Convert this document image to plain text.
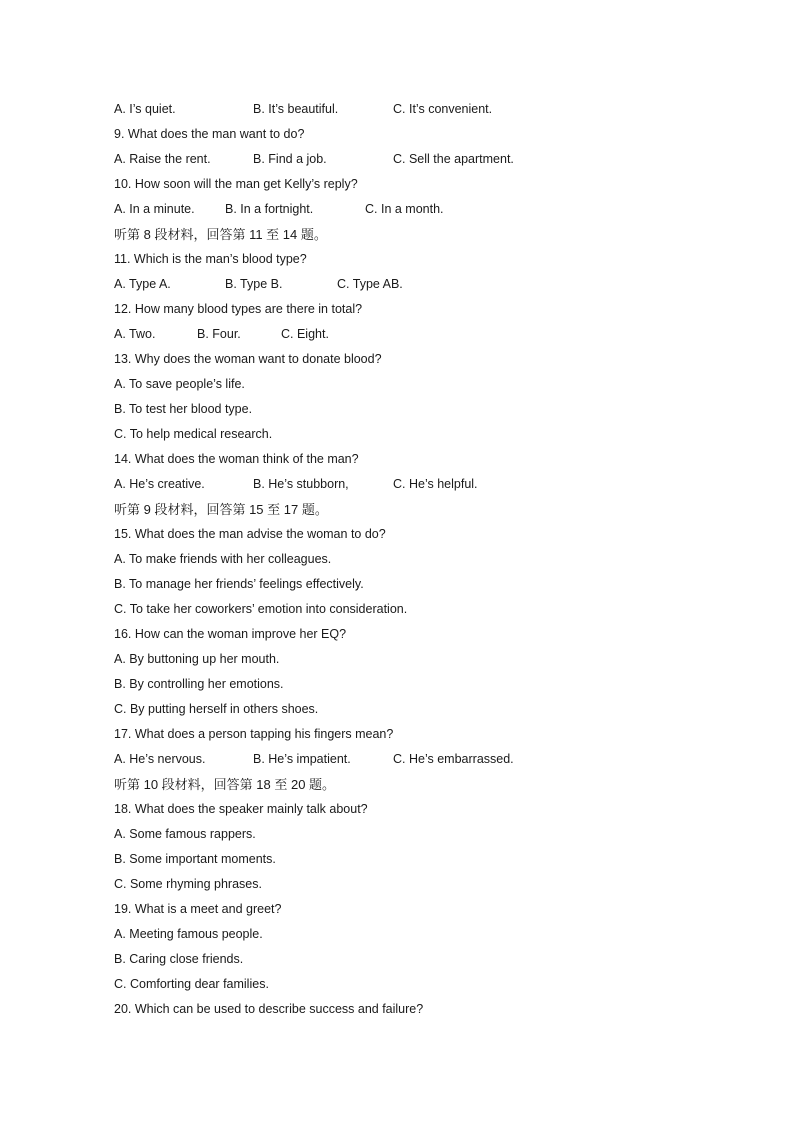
A. I’s quiet.	B. It’s beautiful.	C. It’s convenient.
9. What does the man want to do?
A. Raise the rent.	B. Find a job.	C. Sell the apartment.
10. How soon will the man get Kelly’s reply?
A. In a minute. B. In a fortnight.	C. In a month.
听第 8 段材料，回答第 11 至 14 题。
11. Which is the man’s blood type?
A. Type A.	B. Type B.	C. Type AB.
12. How many blood types are there in total?
A. Two.	B. Four.	C. Eight.
13. Why does the woman want to donate blood?
A. To save people’s life.
B. To test her blood type.
C. To help medical research.
14. What does the woman think of the man?
A. He’s creative.	B. He’s stubborn,	C. He’s helpful.
听第 9 段材料，回答第 15 至 17 题。
15. What does the man advise the woman to do?
A. To make friends with her colleagues.
B. To manage her friends’ feelings effectively.
C. To take her coworkers’ emotion into consideration.
16. How can the woman improve her EQ?
A. By buttoning up her mouth.
B. By controlling her emotions.
C. By putting herself in others shoes.
17. What does a person tapping his fingers mean?
A. He’s nervous.	B. He’s impatient.	C. He’s embarrassed.
听第 10 段材料，回答第 18 至 20 题。
18. What does the speaker mainly talk about?
A. Some famous rappers.
B. Some important moments.
C. Some rhyming phrases.
19. What is a meet and greet?
A. Meeting famous people.
B. Caring close friends.
C. Comforting dear families.
20. Which can be used to describe success and failure?
